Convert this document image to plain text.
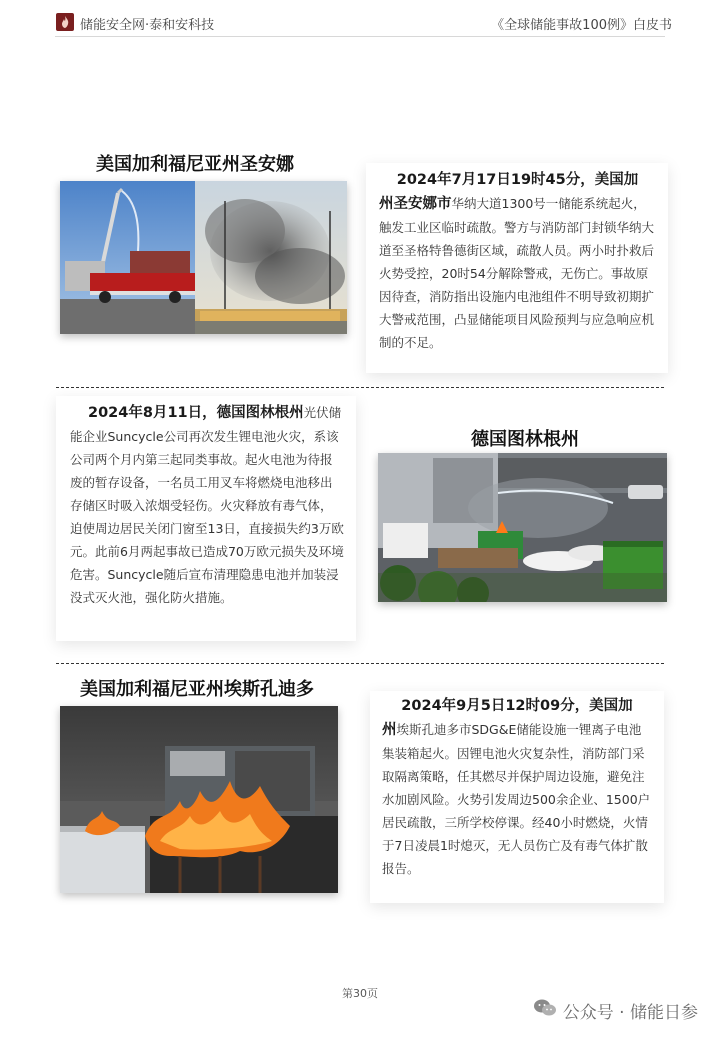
储能安全网·泰和安科技	《全球储能事故100例》白皮书
美国加利福尼亚州圣安娜
2024年7月17日19时45分，美国加
州圣安娜市华纳大道1300号一储能系统起火，触发工业区临时疏散。警方与消防部门封锁华纳大道至圣格特鲁德街区域，疏散人员。两小时扑救后火势受控，20时54分解除警戒，无伤亡。事故原因待查，消防指出设施内电池组件不明导致初期扩大警戒范围，凸显储能项目风险预判与应急响应机制的不足。
2024年8月11日，德国图林根州光伏储能企业Suncycle公司再次发生锂电池火灾，系该公司两个月内第三起同类事故。起火电池为待报废的暂存设备，一名员工用叉车将燃烧电池移出存储区时吸入浓烟受轻伤。火灾释放有毒气体，迫使周边居民关闭门窗至13日，直接损失约3万欧元。此前6月两起事故已造成70万欧元损失及环境危害。Suncycle随后宣布清理隐患电池并加装浸没式灭火池，强化防火措施。
德国图林根州
美国加利福尼亚州埃斯孔迪多
2024年9月5日12时09分，美国加
州埃斯孔迪多市SDG&E储能设施一锂离子电池集装箱起火。因锂电池火灾复杂性，消防部门采取隔离策略，任其燃尽并保护周边设施，避免注水加剧风险。火势引发周边500余企业、1500户居民疏散，三所学校停课。经40小时燃烧，火情于7日凌晨1时熄灭，无人员伤亡及有毒气体扩散报告。
第30页
公众号 · 储能日参
